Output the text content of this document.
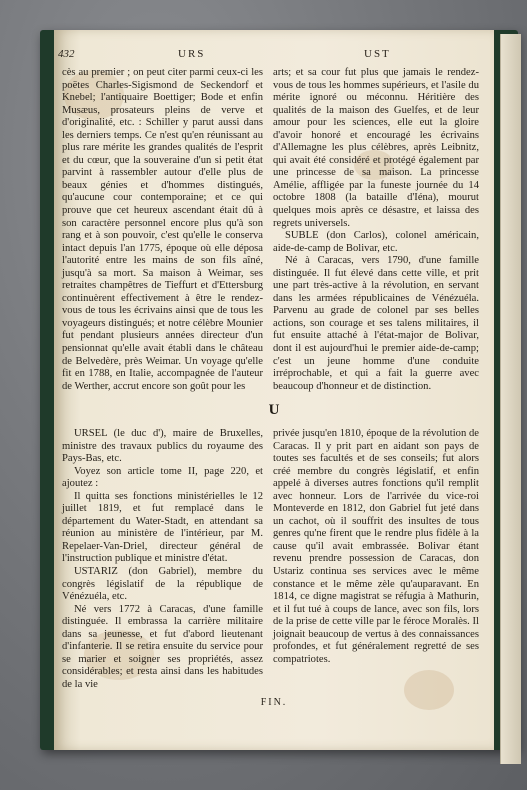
432	URS	UST

cès au premier ; on peut citer parmi ceux-ci les poëtes Charles-Sigismond de Seckendorf et Knebel; l'antiquaire Boettiger; Bode et enfin Musæus, prosateurs pleins de verve et d'originalité, etc. : Schiller y parut aussi dans les derniers temps. Ce n'est qu'en réunissant au plus rare mérite les grandes qualités de l'esprit et du cœur, que la souveraine d'un si petit état parvint à rassembler autour d'elle plus de beaux génies et d'hommes distingués, qu'aucune cour contemporaine; et ce qui prouve que cet heureux ascendant était dû à son caractère personnel encore plus qu'à son rang et à son pouvoir, c'est qu'elle le conserva intact depuis l'an 1775, époque où elle déposa l'autorité entre les mains de son fils aîné, jusqu'à sa mort. Sa maison à Weimar, ses retraites champêtres de Tieffurt et d'Ettersburg continuèrent effectivement à être le rendez-vous de tous les écrivains ainsi que de tous les voyageurs distingués; et notre célèbre Mounier fut pendant plusieurs années directeur d'un pensionnat qu'elle avait établi dans le château de Belvedère, près Weimar. Un voyage qu'elle fit en 1788, en Italie, accompagnée de l'auteur de Werther, accrut encore son goût pour les

arts; et sa cour fut plus que jamais le rendez-vous de tous les hommes supérieurs, et l'asile du mérite ignoré ou méconnu. Héritière des qualités de la maison des Guelfes, et de leur amour pour les sciences, elle eut la gloire d'avoir honoré et encouragé les écrivains d'Allemagne les plus célèbres, après Leibnitz, qui avait été considéré et protégé également par une princesse de sa maison. La princesse Amélie, affligée par la funeste journée du 14 octobre 1808 (la bataille d'Iéna), mourut quelques mois après ce désastre, et laissa des regrets universels.

SUBLE (don Carlos), colonel américain, aide-de-camp de Bolivar, etc.

Né à Caracas, vers 1790, d'une famille distinguée. Il fut élevé dans cette ville, et prit une part très-active à la révolution, en servant dans les armées républicaines de Vénézuéla. Parvenu au grade de colonel par ses belles actions, son courage et ses talens militaires, il fut ensuite attaché à l'état-major de Bolivar, dont il est aujourd'hui le premier aide-de-camp; c'est un jeune homme d'une conduite irréprochable, et qui a fait la guerre avec beaucoup d'honneur et de distinction.

U

URSEL (le duc d'), maire de Bruxelles, ministre des travaux publics du royaume des Pays-Bas, etc.

Voyez son article tome II, page 220, et ajoutez :

Il quitta ses fonctions ministérielles le 12 juillet 1819, et fut remplacé dans le département du Water-Stadt, en attendant sa réunion au ministère de l'intérieur, par M. Repelaer-Van-Driel, directeur général de l'instruction publique et ministre d'état.

USTARIZ (don Gabriel), membre du congrès législatif de la république de Vénézuéla, etc.

Né vers 1772 à Caracas, d'une famille distinguée. Il embrassa la carrière militaire dans sa jeunesse, et fut d'abord lieutenant d'infanterie. Il se retira ensuite du service pour se marier et soigner ses propriétés, assez considérables; et resta ainsi dans les habitudes de la vie

privée jusqu'en 1810, époque de la révolution de Caracas. Il y prit part en aidant son pays de toutes ses facultés et de ses conseils; fut alors créé membre du congrès législatif, et enfin appelé à diverses autres fonctions qu'il remplit avec honneur. Lors de l'arrivée du vice-roi Monteverde en 1812, don Gabriel fut jeté dans un cachot, où il souffrit des insultes de tous genres qu'ne firent que le rendre plus fidèle à la cause qu'il avait embrassée. Bolivar étant revenu prendre possession de Caracas, don Ustariz continua ses services avec le même constance et le même zèle qu'auparavant. En 1814, ce digne magistrat se réfugia à Mathurin, et il fut tué à coups de lance, avec son fils, lors de la prise de cette ville par le féroce Moralès. Il joignait beaucoup de vertus à des connaissances profondes, et fut généralement regretté de ses compatriotes.

FIN.
